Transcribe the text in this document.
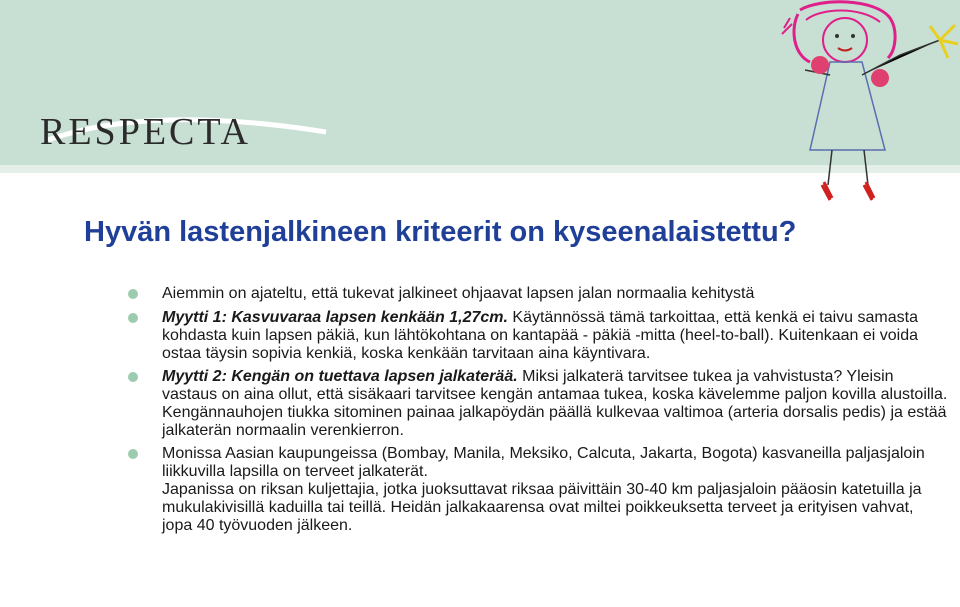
RESPECTA
Hyvän lastenjalkineen kriteerit on kyseenalaistettu?
Aiemmin on ajateltu, että tukevat jalkineet ohjaavat lapsen jalan normaalia kehitystä
Myytti 1: Kasvuvaraa lapsen kenkään 1,27cm. Käytännössä tämä tarkoittaa, että kenkä ei taivu samasta kohdasta kuin lapsen päkiä, kun lähtökohtana on kantapää - päkiä -mitta (heel-to-ball). Kuitenkaan ei voida ostaa täysin sopivia kenkiä, koska kenkään tarvitaan aina käyntivara.
Myytti 2: Kengän on tuettava lapsen jalkaterää. Miksi jalkaterä tarvitsee tukea ja vahvistusta? Yleisin vastaus on aina ollut, että sisäkaari tarvitsee kengän antamaa tukea, koska kävelemme paljon kovilla alustoilla.
Kengännauhojen tiukka sitominen painaa jalkapöydän päällä kulkevaa valtimoa (arteria dorsalis pedis) ja estää jalkaterän normaalin verenkierron.
Monissa Aasian kaupungeissa (Bombay, Manila, Meksiko, Calcuta, Jakarta, Bogota) kasvaneilla paljasjaloin liikkuvilla lapsilla on terveet jalkaterät.
Japanissa on riksan kuljettajia, jotka juoksuttavat riksaa päivittäin 30-40 km paljasjaloin pääosin katetuilla ja mukulakivisillä kaduilla tai teillä. Heidän jalkakaarensa ovat miltei poikkeuksetta terveet ja erityisen vahvat, jopa 40 työvuoden jälkeen.
